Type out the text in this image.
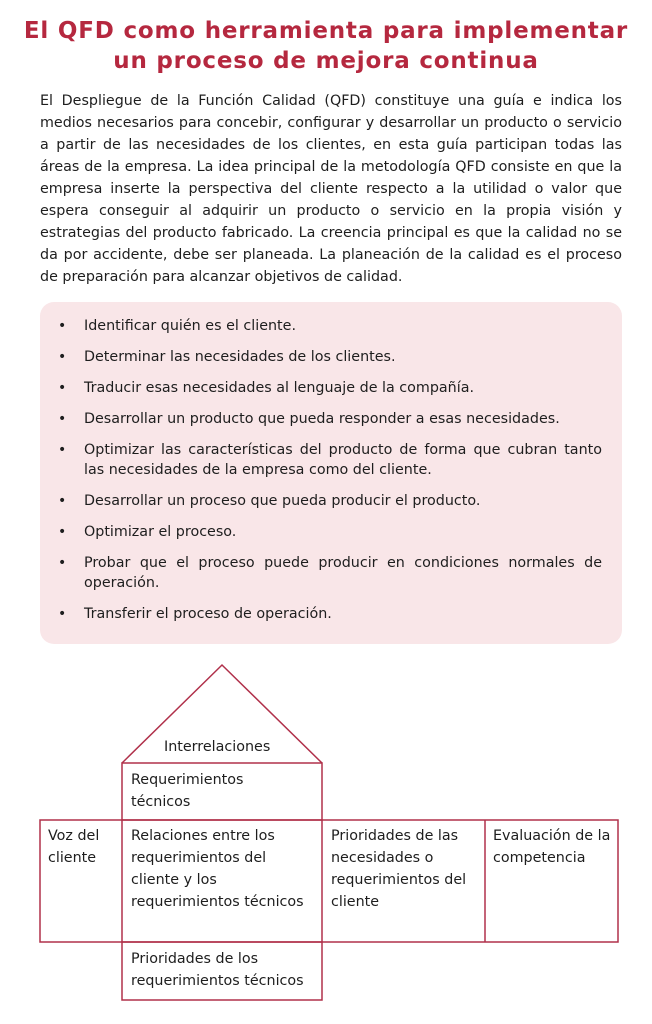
El QFD como herramienta para implementar
un proceso de mejora continua

El Despliegue de la Función Calidad (QFD) constituye una guía e indica los medios necesarios para concebir, configurar y desarrollar un producto o servicio a partir de las necesidades de los clientes, en esta guía participan todas las áreas de la empresa. La idea principal de la metodología QFD consiste en que la empresa inserte la perspectiva del cliente respecto a la utilidad o valor que espera conseguir al adquirir un producto o servicio en la propia visión y estrategias del producto fabricado. La creencia principal es que la calidad no se da por accidente, debe ser planeada. La planeación de la calidad es el proceso de preparación para alcanzar objetivos de calidad.

• Identificar quién es el cliente.
• Determinar las necesidades de los clientes.
• Traducir esas necesidades al lenguaje de la compañía.
• Desarrollar un producto que pueda responder a esas necesidades.
• Optimizar las características del producto de forma que cubran tanto las necesidades de la empresa como del cliente.
• Desarrollar un proceso que pueda producir el producto.
• Optimizar el proceso.
• Probar que el proceso puede producir en condiciones normales de operación.
• Transferir el proceso de operación.
Interrelaciones
Requerimientos técnicos
Voz del cliente
Relaciones entre los requerimientos del cliente y los requerimientos técnicos
Prioridades de las necesidades o requerimientos del cliente
Evaluación de la competencia
Prioridades de los requerimientos técnicos
